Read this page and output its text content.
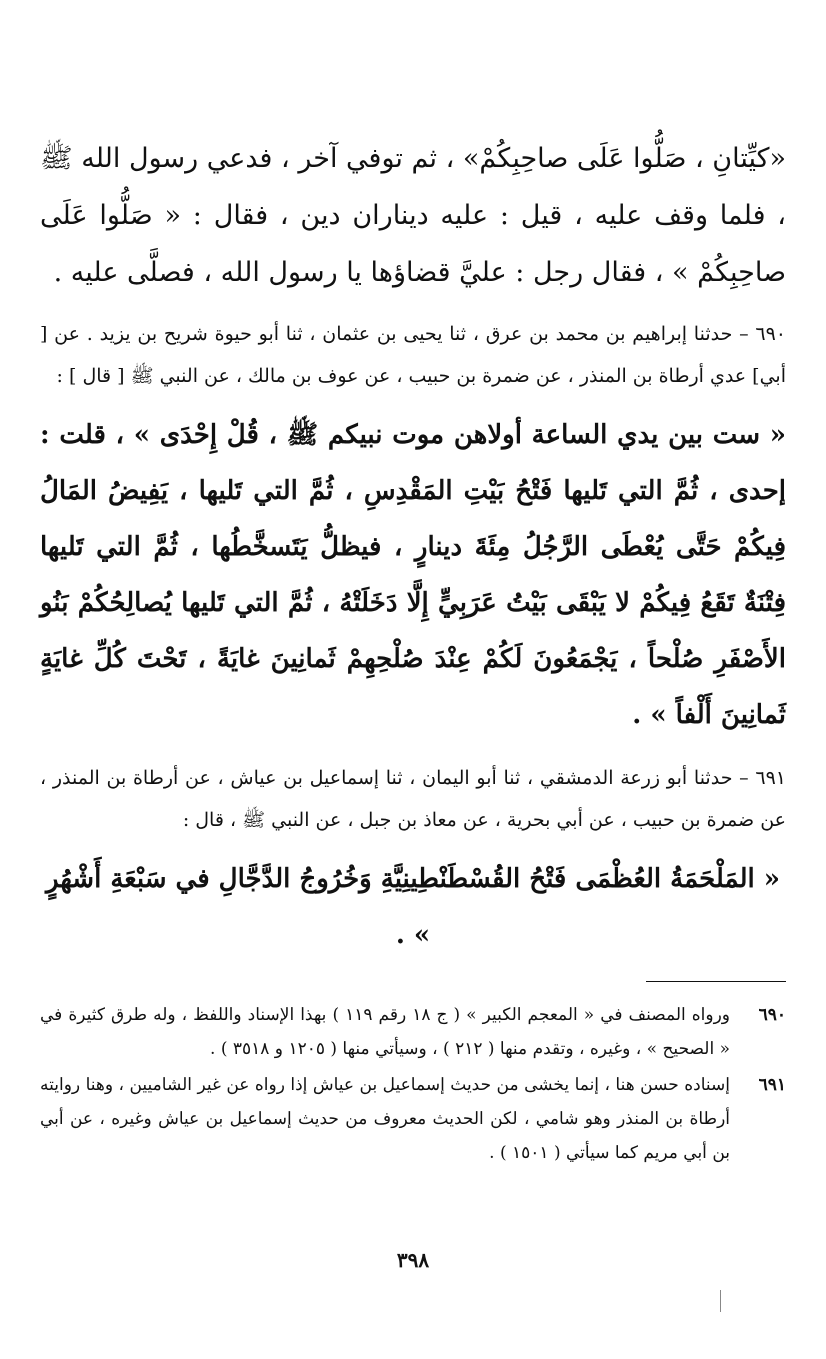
«كيِّتانِ ، صَلُّوا عَلَى صاحِبِكُمْ» ، ثم توفي آخر ، فدعي رسول الله ﷺ ، فلما وقف عليه ، قيل : عليه ديناران دين ، فقال : « صَلُّوا عَلَى صاحِبِكُمْ » ، فقال رجل : عليَّ قضاؤها يا رسول الله ، فصلَّى عليه .

٦٩٠ – حدثنا إبراهيم بن محمد بن عرق ، ثنا يحيى بن عثمان ، ثنا أبو حيوة شريح بن يزيد . عن [ أبي] عدي أرطاة بن المنذر ، عن ضمرة بن حبيب ، عن عوف بن مالك ، عن النبي ﷺ [ قال ] :

« ست بين يدي الساعة أولاهن موت نبيكم ﷺ ، قُلْ إِحْدَى » ، قلت : إحدى ، ثُمَّ التي تَليها فَتْحُ بَيْتِ المَقْدِسِ ، ثُمَّ التي تَليها ، يَفِيضُ المَالُ فِيكُمْ حَتَّى يُعْطَى الرَّجُلُ مِئَةَ دينارٍ ، فيظلُّ يَتَسخَّطُها ، ثُمَّ التي تَليها فِتْنَةٌ تَقَعُ فِيكُمْ لا يَبْقَى بَيْتُ عَرَبِيٍّ إِلَّا دَخَلَتْهُ ، ثُمَّ التي تَليها يُصالِحُكُمْ بَنُو الأَصْفَرِ صُلْحاً ، يَجْمَعُونَ لَكُمْ عِنْدَ صُلْحِهِمْ ثَمانِينَ غايَةً ، تَحْتَ كُلِّ غايَةٍ ثَمانِينَ أَلْفاً » .

٦٩١ – حدثنا أبو زرعة الدمشقي ، ثنا أبو اليمان ، ثنا إسماعيل بن عياش ، عن أرطاة بن المنذر ، عن ضمرة بن حبيب ، عن أبي بحرية ، عن معاذ بن جبل ، عن النبي ﷺ ، قال :

« المَلْحَمَةُ العُظْمَى فَتْحُ القُسْطَنْطِينِيَّةِ وَخُرُوجُ الدَّجَّالِ في سَبْعَةِ أَشْهُرٍ » .

٦٩٠
ورواه المصنف في « المعجم الكبير » ( ج ١٨ رقم ١١٩ ) بهذا الإسناد واللفظ ، وله طرق كثيرة في « الصحيح » ، وغيره ، وتقدم منها ( ٢١٢ ) ، وسيأتي منها ( ١٢٠٥ و ٣٥١٨ ) .
٦٩١
إسناده حسن هنا ، إنما يخشى من حديث إسماعيل بن عياش إذا رواه عن غير الشاميين ، وهنا روايته أرطاة بن المنذر وهو شامي ، لكن الحديث معروف من حديث إسماعيل بن عياش وغيره ، عن أبي بن أبي مريم كما سيأتي ( ١٥٠١ ) .
٣٩٨
